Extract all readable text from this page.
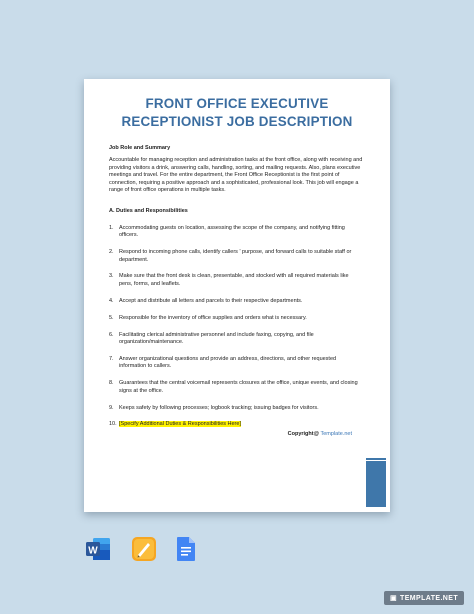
FRONT OFFICE EXECUTIVE
RECEPTIONIST JOB DESCRIPTION
Job Role and Summary

Accountable for managing reception and administration tasks at the front office, along with receiving and providing visitors a drink, answering calls, handling, sorting, and mailing requests. Also, plans executive meetings and travel. For the entire department, the Front Office Receptionist is the first point of connection, requiring a positive approach and a sophisticated, professional look. This job will engage a range of front office operations in multiple tasks.

A. Duties and Responsibilities
1. Accommodating guests on location, assessing the scope of the company, and notifying fitting officers.
2. Respond to incoming phone calls, identify callers ' purpose, and forward calls to suitable staff or department.
3. Make sure that the front desk is clean, presentable, and stocked with all required materials like pens, forms, and leaflets.
4. Accept and distribute all letters and parcels to their respective departments.
5. Responsible for the inventory of office supplies and orders what is necessary.
6. Facilitating clerical administrative personnel and include faxing, copying, and file organization/maintenance.
7. Answer organizational questions and provide an address, directions, and other requested information to callers.
8. Guarantees that the central voicemail represents closures at the office, unique events, and closing signs at the office.
9. Keeps safety by following processes; logbook tracking; issuing badges for visitors.
10. [Specify Additional Duties & Responsibilities Here]
Copyright@ Template.net
W
▣ TEMPLATE.NET
